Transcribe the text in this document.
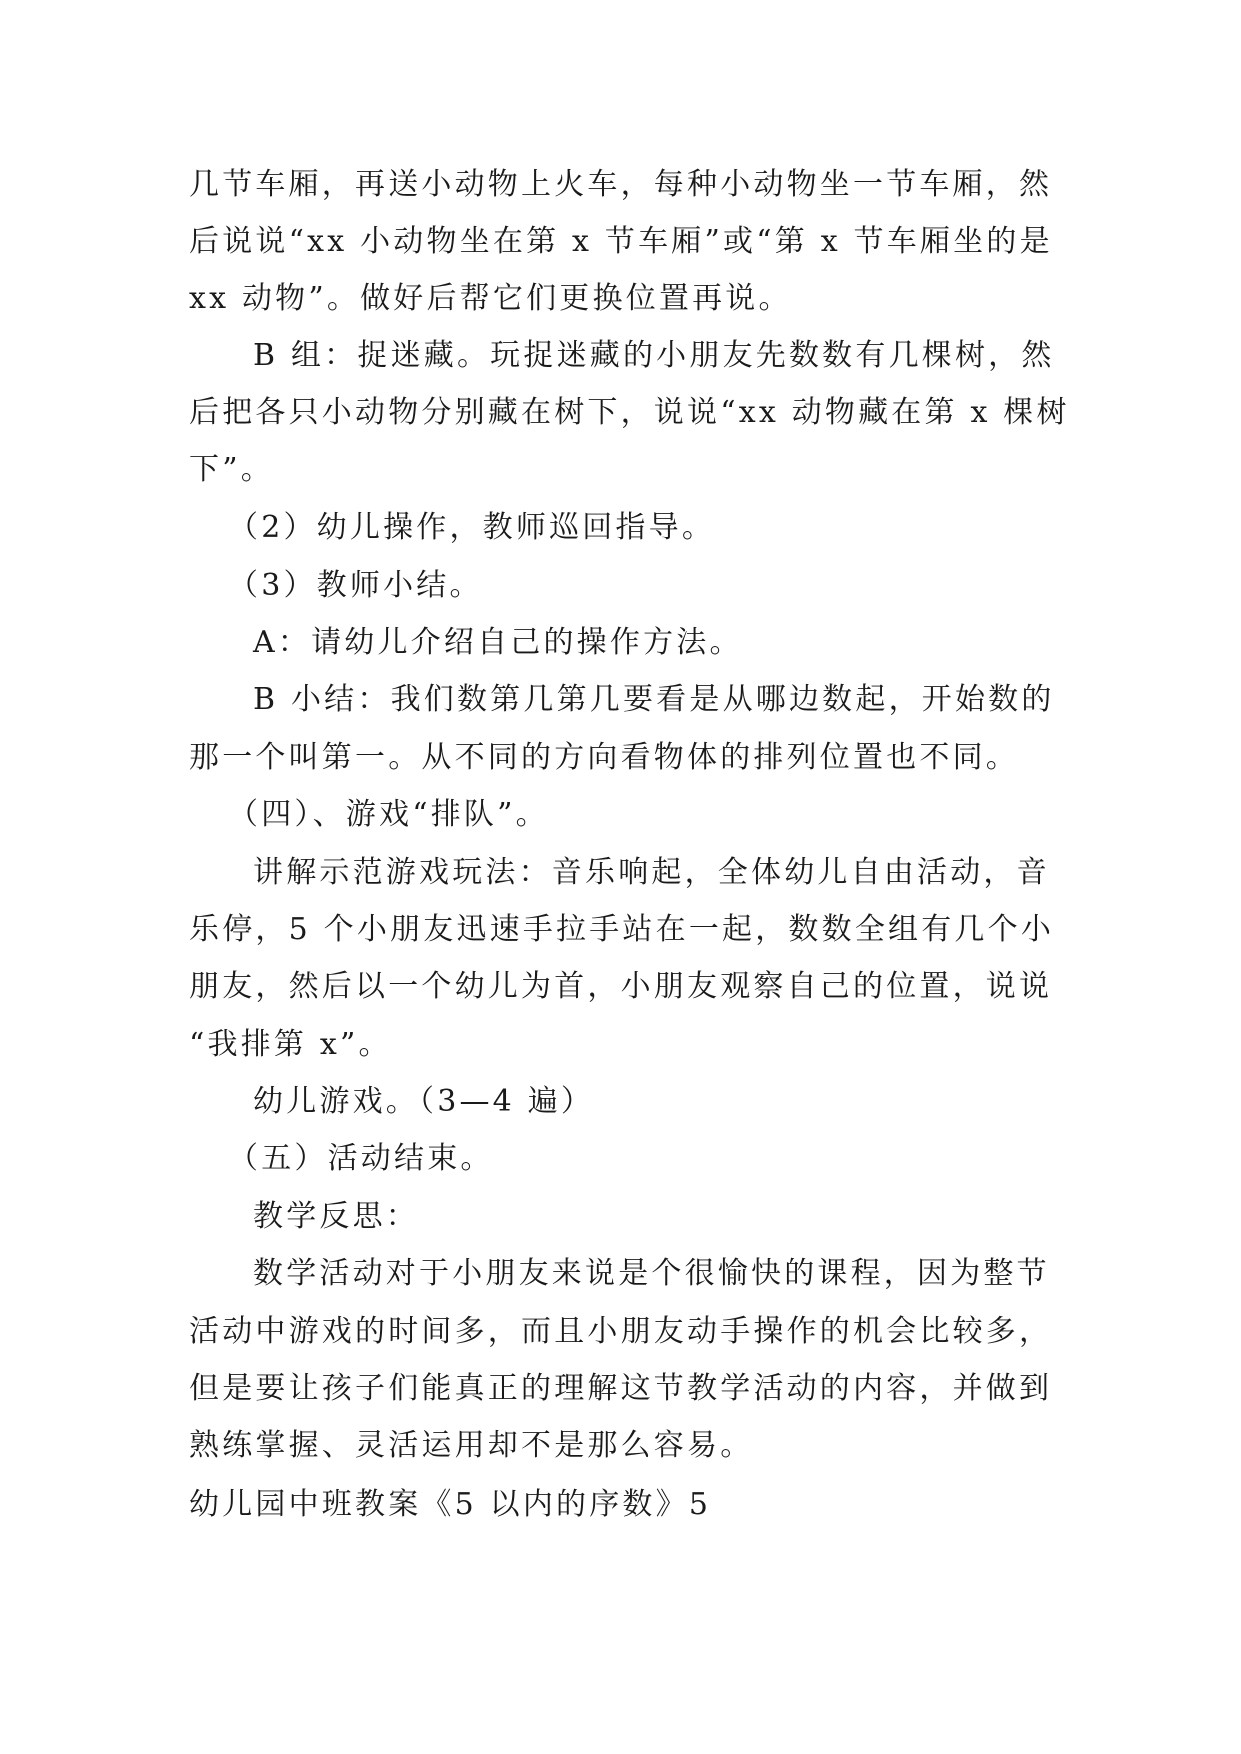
几节车厢，再送小动物上火车，每种小动物坐一节车厢，然
后说说“xx 小动物坐在第 x 节车厢”或“第 x 节车厢坐的是
xx 动物”。做好后帮它们更换位置再说。
B 组：捉迷藏。玩捉迷藏的小朋友先数数有几棵树，然
后把各只小动物分别藏在树下，说说“xx 动物藏在第 x 棵树
下”。
（2）幼儿操作，教师巡回指导。
（3）教师小结。
A：请幼儿介绍自己的操作方法。
B 小结：我们数第几第几要看是从哪边数起，开始数的
那一个叫第一。从不同的方向看物体的排列位置也不同。
（四）、游戏“排队”。
讲解示范游戏玩法：音乐响起，全体幼儿自由活动，音
乐停，5 个小朋友迅速手拉手站在一起，数数全组有几个小
朋友，然后以一个幼儿为首，小朋友观察自己的位置，说说
“我排第 x”。
幼儿游戏。（3—4 遍）
（五）活动结束。
教学反思：
数学活动对于小朋友来说是个很愉快的课程，因为整节
活动中游戏的时间多，而且小朋友动手操作的机会比较多，
但是要让孩子们能真正的理解这节教学活动的内容，并做到
熟练掌握、灵活运用却不是那么容易。
幼儿园中班教案《5 以内的序数》5
